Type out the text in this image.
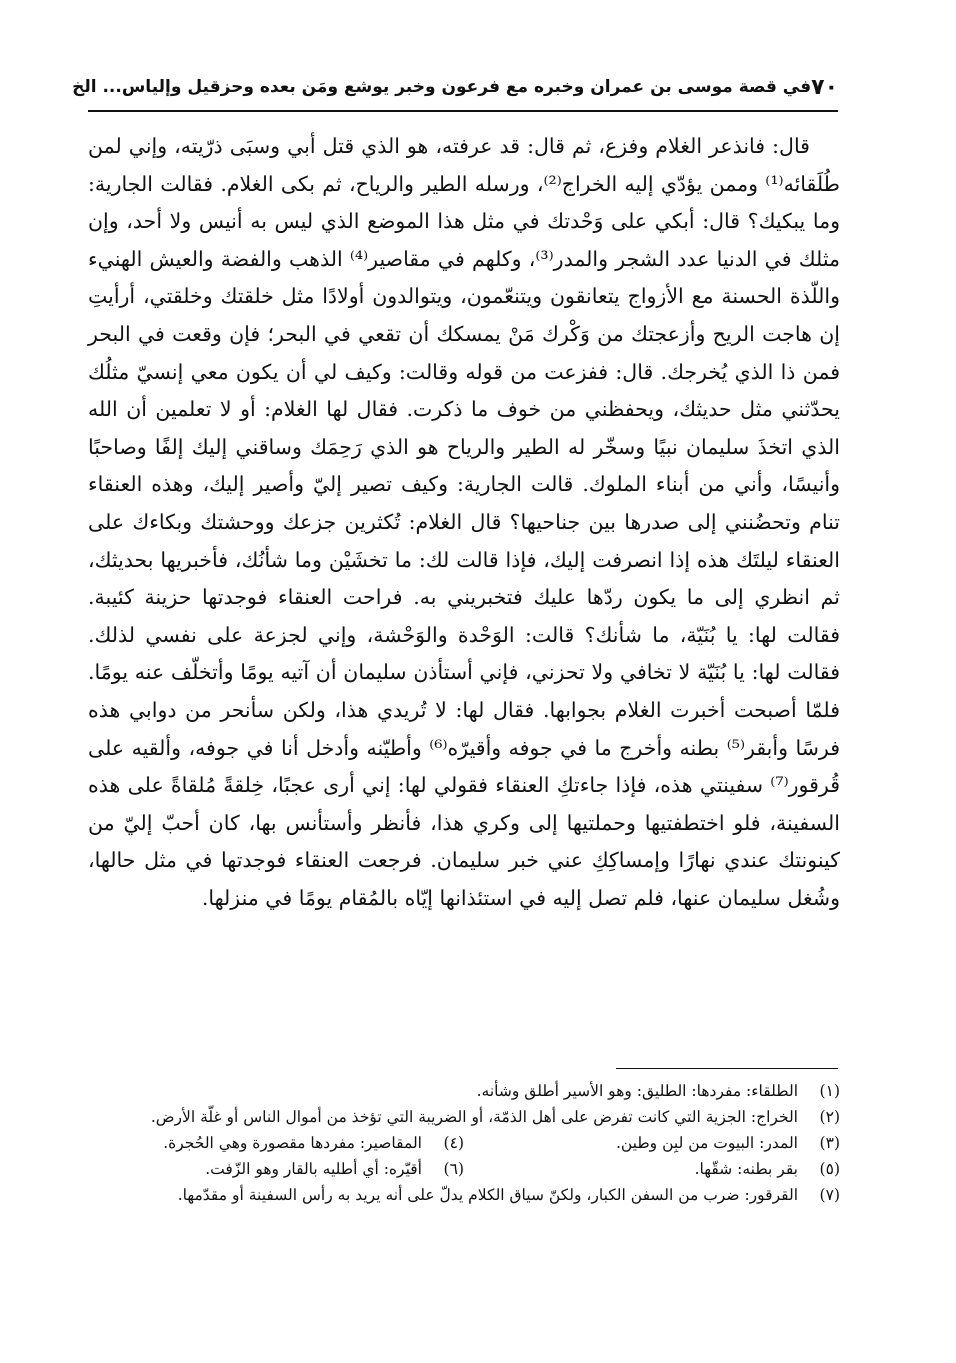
٧٠
في قصة موسى بن عمران وخبره مع فرعون وخبر يوشع ومَن بعده وحزقيل وإلياس... الخ

قال: فانذعر الغلام وفزع، ثم قال: قد عرفته، هو الذي قتل أبي وسبَى ذرّيته، وإني لمن طُلَقائه⁽¹⁾ وممن يؤدّي إليه الخراج⁽²⁾، ورسله الطير والرياح، ثم بكى الغلام. فقالت الجارية: وما يبكيك؟ قال: أبكي على وَحْدتك في مثل هذا الموضع الذي ليس به أنيس ولا أحد، وإن مثلك في الدنيا عدد الشجر والمدر⁽³⁾، وكلهم في مقاصير⁽⁴⁾ الذهب والفضة والعيش الهنيء واللّذة الحسنة مع الأزواج يتعانقون ويتنعّمون، ويتوالدون أولادًا مثل خلقتك وخلقتي، أرأيتِ إن هاجت الريح وأزعجتك من وَكْرك مَنْ يمسكك أن تقعي في البحر؛ فإن وقعت في البحر فمن ذا الذي يُخرجك. قال: ففزعت من قوله وقالت: وكيف لي أن يكون معي إنسيّ مثلُك يحدّثني مثل حديثك، ويحفظني من خوف ما ذكرت. فقال لها الغلام: أو لا تعلمين أن الله الذي اتخذَ سليمان نبيًا وسخّر له الطير والرياح هو الذي رَحِمَك وساقني إليك إلفًا وصاحبًا وأنيسًا، وأني من أبناء الملوك. قالت الجارية: وكيف تصير إليّ وأصير إليك، وهذه العنقاء تنام وتحضُنني إلى صدرها بين جناحيها؟ قال الغلام: تُكثرين جزعك ووحشتك وبكاءك على العنقاء ليلتَك هذه إذا انصرفت إليك، فإذا قالت لك: ما تخشَيْن وما شأنُك، فأخبريها بحديثك، ثم انظري إلى ما يكون ردّها عليك فتخبريني به. فراحت العنقاء فوجدتها حزينة كئيبة. فقالت لها: يا بُنَيّة، ما شأنك؟ قالت: الوَحْدة والوَحْشة، وإني لجزعة على نفسي لذلك. فقالت لها: يا بُنَيّة لا تخافي ولا تحزني، فإني أستأذن سليمان أن آتيه يومًا وأتخلّف عنه يومًا. فلمّا أصبحت أخبرت الغلام بجوابها. فقال لها: لا تُريدي هذا، ولكن سأنحر من دوابي هذه فرسًا وأبقر⁽⁵⁾ بطنه وأخرج ما في جوفه وأقيرّه⁽⁶⁾ وأطيّنه وأدخل أنا في جوفه، وألقيه على قُرقور⁽⁷⁾ سفينتي هذه، فإذا جاءتكِ العنقاء فقولي لها: إني أرى عجبًا، خِلقةً مُلقاةً على هذه السفينة، فلو اختطفتيها وحملتيها إلى وكري هذا، فأنظر وأستأنس بها، كان أحبّ إليّ من كينونتك عندي نهارًا وإمساكِكِ عني خبر سليمان. فرجعت العنقاء فوجدتها في مثل حالها، وشُغل سليمان عنها، فلم تصل إليه في استئذانها إيّاه بالمُقام يومًا في منزلها.

(١)
الطلقاء: مفردها: الطليق: وهو الأسير أطلق وشأنه.
(٢)
الخراج: الجزية التي كانت تفرض على أهل الذمّة، أو الضريبة التي تؤخذ من أموال الناس أو غلّة الأرض.
(٣)
المدر: البيوت من لبِن وطين.
(٤)
المقاصير: مفردها مقصورة وهي الحُجرة.
(٥)
بقر بطنه: شقّها.
(٦)
أقيّره: أي أطليه بالقار وهو الزّفت.
(٧)
القرقور: ضرب من السفن الكبار، ولكنّ سياق الكلام يدلّ على أنه يريد به رأس السفينة أو مقدّمها.
